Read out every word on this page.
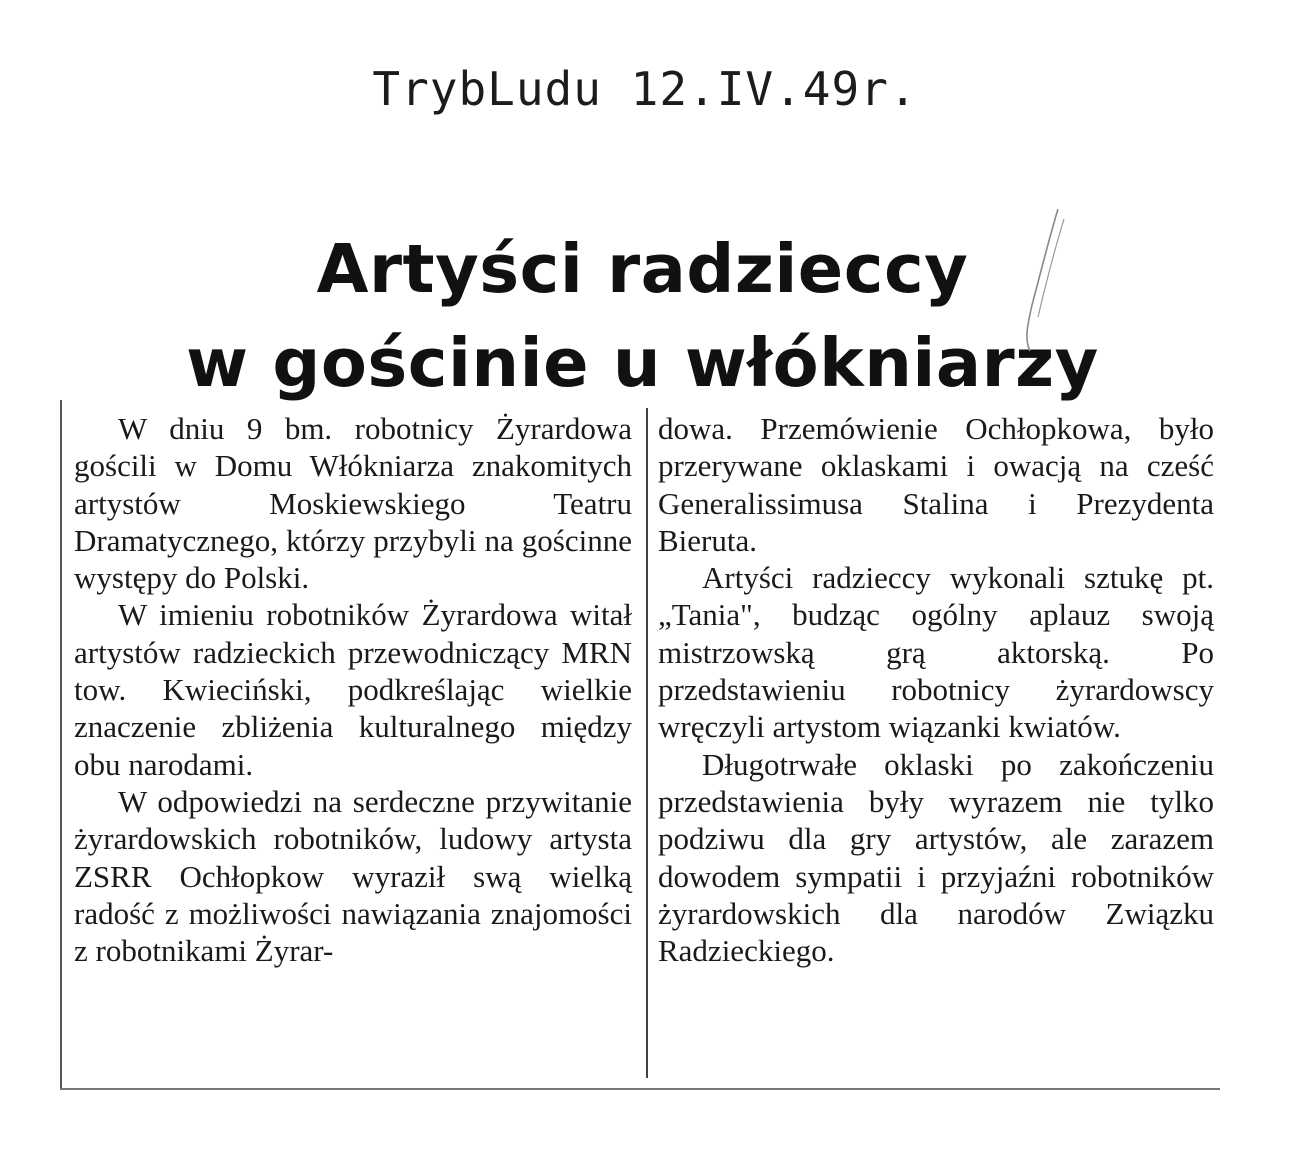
TrybLudu 12.IV.49r.
Artyści radzieccy
w gościnie u włókniarzy

W dniu 9 bm. robotnicy Żyrardowa gościli w Domu Włókniarza znakomitych artystów Moskiewskiego Teatru Dramatycznego, którzy przybyli na gościnne występy do Polski.

W imieniu robotników Żyrardowa witał artystów radzieckich przewodniczący MRN tow. Kwieciński, podkreślając wielkie znaczenie zbliżenia kulturalnego między obu narodami.

W odpowiedzi na serdeczne przywitanie żyrardowskich robotników, ludowy artysta ZSRR Ochłopkow wyraził swą wielką radość z możliwości nawiązania znajomości z robotnikami Żyrar-

dowa. Przemówienie Ochłopkowa, było przerywane oklaskami i owacją na cześć Generalissimusa Stalina i Prezydenta Bieruta.

Artyści radzieccy wykonali sztukę pt. „Tania", budząc ogólny aplauz swoją mistrzowską grą aktorską. Po przedstawieniu robotnicy żyrardowscy wręczyli artystom wiązanki kwiatów.

Długotrwałe oklaski po zakończeniu przedstawienia były wyrazem nie tylko podziwu dla gry artystów, ale zarazem dowodem sympatii i przyjaźni robotników żyrardowskich dla narodów Związku Radzieckiego.
